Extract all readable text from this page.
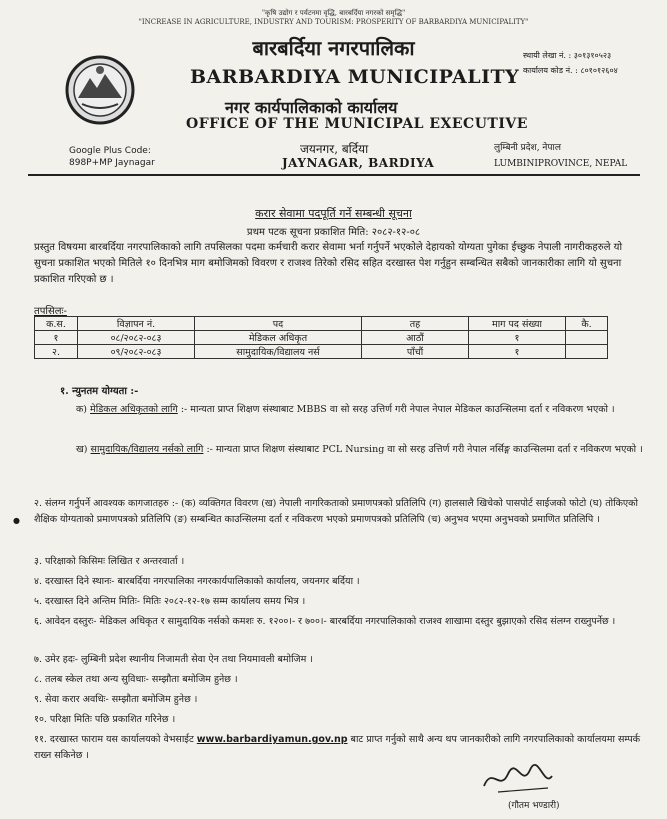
"कृषि उद्योग र पर्यटनमा वृद्धि, बारबर्दिया नगरको समृद्धि"
"INCREASE IN AGRICULTURE, INDUSTRY AND TOURISM: PROSPERITY OF BARBARDIYA MUNICIPALITY"
बारबर्दिया नगरपालिका
BARBARDIYA MUNICIPALITY
नगर कार्यपालिकाको कार्यालय
OFFICE OF THE MUNICIPAL EXECUTIVE
जयनगर, बर्दिया
JAYNAGAR, BARDIYA
Google Plus Code:
898P+MP Jaynagar
स्थायी लेखा नं. : ३०१३१०५२३
कार्यालय कोड नं. : ८०१०१२६०४
लुम्बिनी प्रदेश, नेपाल
LUMBINIPROVINCE, NEPAL
करार सेवामा पदपूर्ति गर्ने सम्बन्धी सूचना
प्रथम पटक सूचना प्रकाशित मिति: २०८२-१२-०८
प्रस्तुत विषयमा बारबर्दिया नगरपालिकाको लागि तपसिलका पदमा कर्मचारी करार सेवामा भर्ना गर्नुपर्ने भएकोले देहायको योग्यता पुगेका ईच्छुक नेपाली नागरीकहरुले यो सुचना प्रकाशित भएको मितिले १० दिनभित्र माग बमोजिमको विवरण र राजश्व तिरेको रसिद सहित दरखास्त पेश गर्नुहुन सम्बन्धित सबैको जानकारीका लागि यो सुचना प्रकाशित गरिएको छ ।
तपसिलः-
क.स.	विज्ञापन नं.	पद	तह	माग पद संख्या	कै.
१	०८/२०८२-०८३	मेडिकल अधिकृत	आठौं	१	
२.	०९/२०८२-०८३	सामुदायिक/विद्यालय नर्स	पाँचौं	१	
१. न्युनतम योग्यता :-
क) मेडिकल अधिकृतको लागि :- मान्यता प्राप्त शिक्षण संस्थाबाट MBBS वा सो सरह उत्तिर्ण गरी नेपाल नेपाल मेडिकल काउन्सिलमा दर्ता र नविकरण भएको ।
ख) सामुदायिक/विद्यालय नर्सको लागि :- मान्यता प्राप्त शिक्षण संस्थाबाट PCL Nursing वा सो सरह उत्तिर्ण गरी नेपाल नर्सिङ्ग काउन्सिलमा दर्ता र नविकरण भएको ।
●
२. संलग्न गर्नुपर्ने आवश्यक कागजातहरु :- (क) व्यक्तिगत विवरण (ख) नेपाली नागरिकताको प्रमाणपत्रको प्रतिलिपि (ग) हालसालै खिचेको पासपोर्ट साईजको फोटो (घ) तोकिएको शैक्षिक योग्यताको प्रमाणपत्रको प्रतिलिपि (ङ) सम्बन्धित काउन्सिलमा दर्ता र नविकरण भएको प्रमाणपत्रको प्रतिलिपि (च) अनुभव भएमा अनुभवको प्रमाणित प्रतिलिपि ।
३. परिक्षाको किसिमः लिखित र अन्तरवार्ता ।
४. दरखास्त दिने स्थानः- बारबर्दिया नगरपालिका नगरकार्यपालिकाको कार्यालय, जयनगर बर्दिया ।
५. दरखास्त दिने अन्तिम मितिः- मितिः २०८२-१२-१७ सम्म कार्यालय समय भित्र ।
६. आवेदन दस्तुरः- मेडिकल अधिकृत र सामुदायिक नर्सको कमशः रु. १२००।- र ७००।- बारबर्दिया नगरपालिकाको राजश्व शाखामा दस्तुर बुझाएको रसिद संलग्न राख्नुपर्नेछ ।
७. उमेर हदः- लुम्बिनी प्रदेश स्थानीय निजामती सेवा ऐन तथा नियमावली बमोजिम ।
८. तलब स्केल तथा अन्य सुविधाः- सम्झौता बमोजिम हुनेछ ।
९. सेवा करार अवधिः- सम्झौता बमोजिम हुनेछ ।
१०. परिक्षा मितिः पछि प्रकाशित गरिनेछ ।
११. दरखास्त फाराम यस कार्यालयको वेभसाईट www.barbardiyamun.gov.np बाट प्राप्त गर्नुको साथै अन्य थप जानकारीको लागि नगरपालिकाको कार्यालयमा सम्पर्क राख्न सकिनेछ ।
(गौतम भण्डारी)
